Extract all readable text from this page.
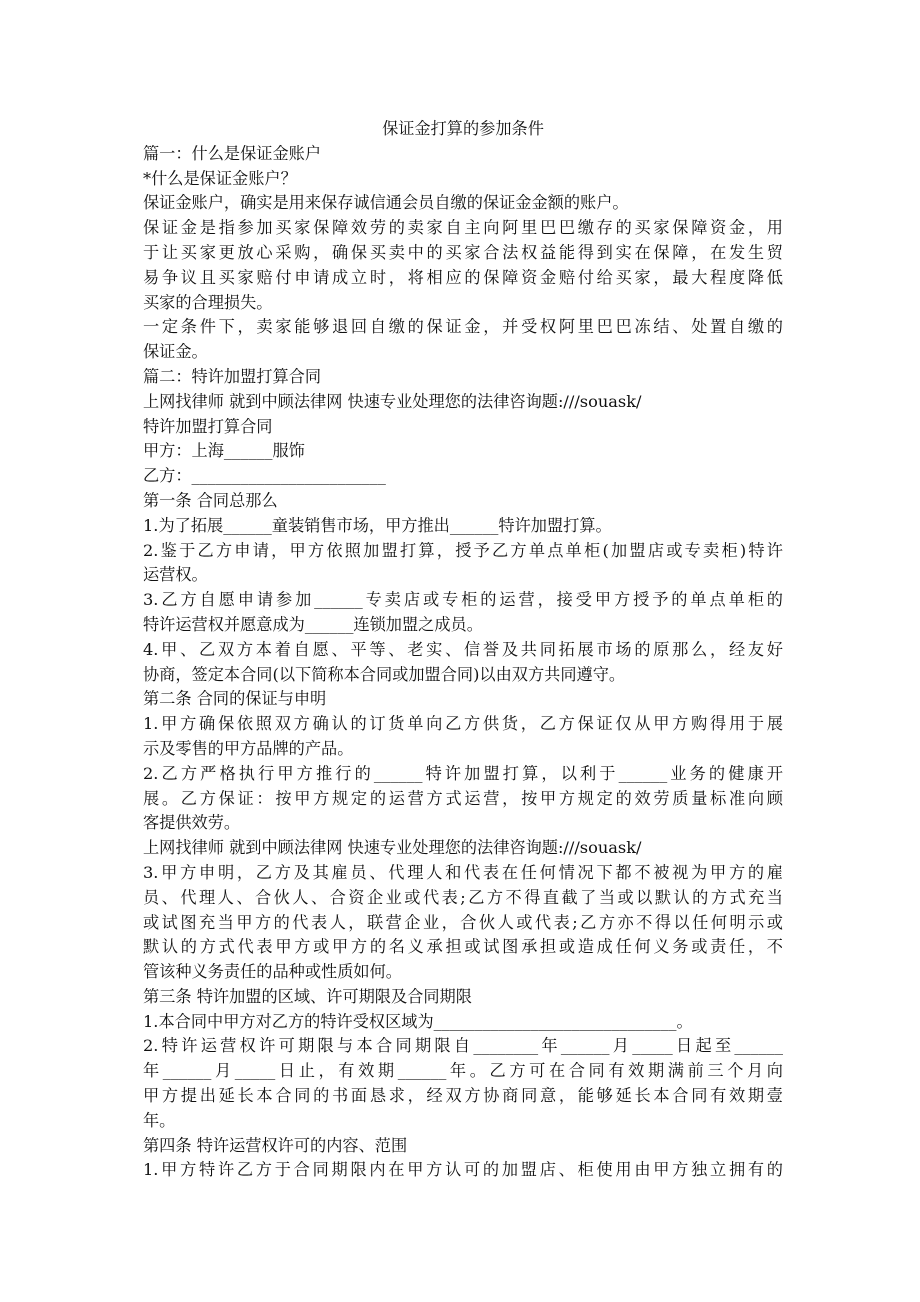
保证金打算的参加条件
篇一：什么是保证金账户
*什么是保证金账户？
保证金账户，确实是用来保存诚信通会员自缴的保证金金额的账户。
保证金是指参加买家保障效劳的卖家自主向阿里巴巴缴存的买家保障资金，用
于让买家更放心采购，确保买卖中的买家合法权益能得到实在保障，在发生贸
易争议且买家赔付申请成立时，将相应的保障资金赔付给买家，最大程度降低
买家的合理损失。
一定条件下，卖家能够退回自缴的保证金，并受权阿里巴巴冻结、处置自缴的
保证金。
篇二：特许加盟打算合同
上网找律师 就到中顾法律网 快速专业处理您的法律咨询题:///souask/
特许加盟打算合同
甲方：上海______服饰
乙方：________________________
第一条 合同总那么
1.为了拓展______童装销售市场，甲方推出______特许加盟打算。
2.鉴于乙方申请，甲方依照加盟打算，授予乙方单点单柜(加盟店或专卖柜)特许
运营权。
3.乙方自愿申请参加______专卖店或专柜的运营，接受甲方授予的单点单柜的
特许运营权并愿意成为______连锁加盟之成员。
4.甲、乙双方本着自愿、平等、老实、信誉及共同拓展市场的原那么，经友好
协商，签定本合同(以下简称本合同或加盟合同)以由双方共同遵守。
第二条 合同的保证与申明
1.甲方确保依照双方确认的订货单向乙方供货，乙方保证仅从甲方购得用于展
示及零售的甲方品牌的产品。
2.乙方严格执行甲方推行的______特许加盟打算，以利于______业务的健康开
展。乙方保证：按甲方规定的运营方式运营，按甲方规定的效劳质量标准向顾
客提供效劳。
上网找律师 就到中顾法律网 快速专业处理您的法律咨询题:///souask/
3.甲方申明，乙方及其雇员、代理人和代表在任何情况下都不被视为甲方的雇
员、代理人、合伙人、合资企业或代表;乙方不得直截了当或以默认的方式充当
或试图充当甲方的代表人，联营企业，合伙人或代表;乙方亦不得以任何明示或
默认的方式代表甲方或甲方的名义承担或试图承担或造成任何义务或责任，不
管该种义务责任的品种或性质如何。
第三条 特许加盟的区域、许可期限及合同期限
1.本合同中甲方对乙方的特许受权区域为______________________________。
2.特许运营权许可期限与本合同期限自________年______月_____日起至______
年______月_____日止，有效期______年。乙方可在合同有效期满前三个月向
甲方提出延长本合同的书面恳求，经双方协商同意，能够延长本合同有效期壹
年。
第四条 特许运营权许可的内容、范围
1.甲方特许乙方于合同期限内在甲方认可的加盟店、柜使用由甲方独立拥有的
